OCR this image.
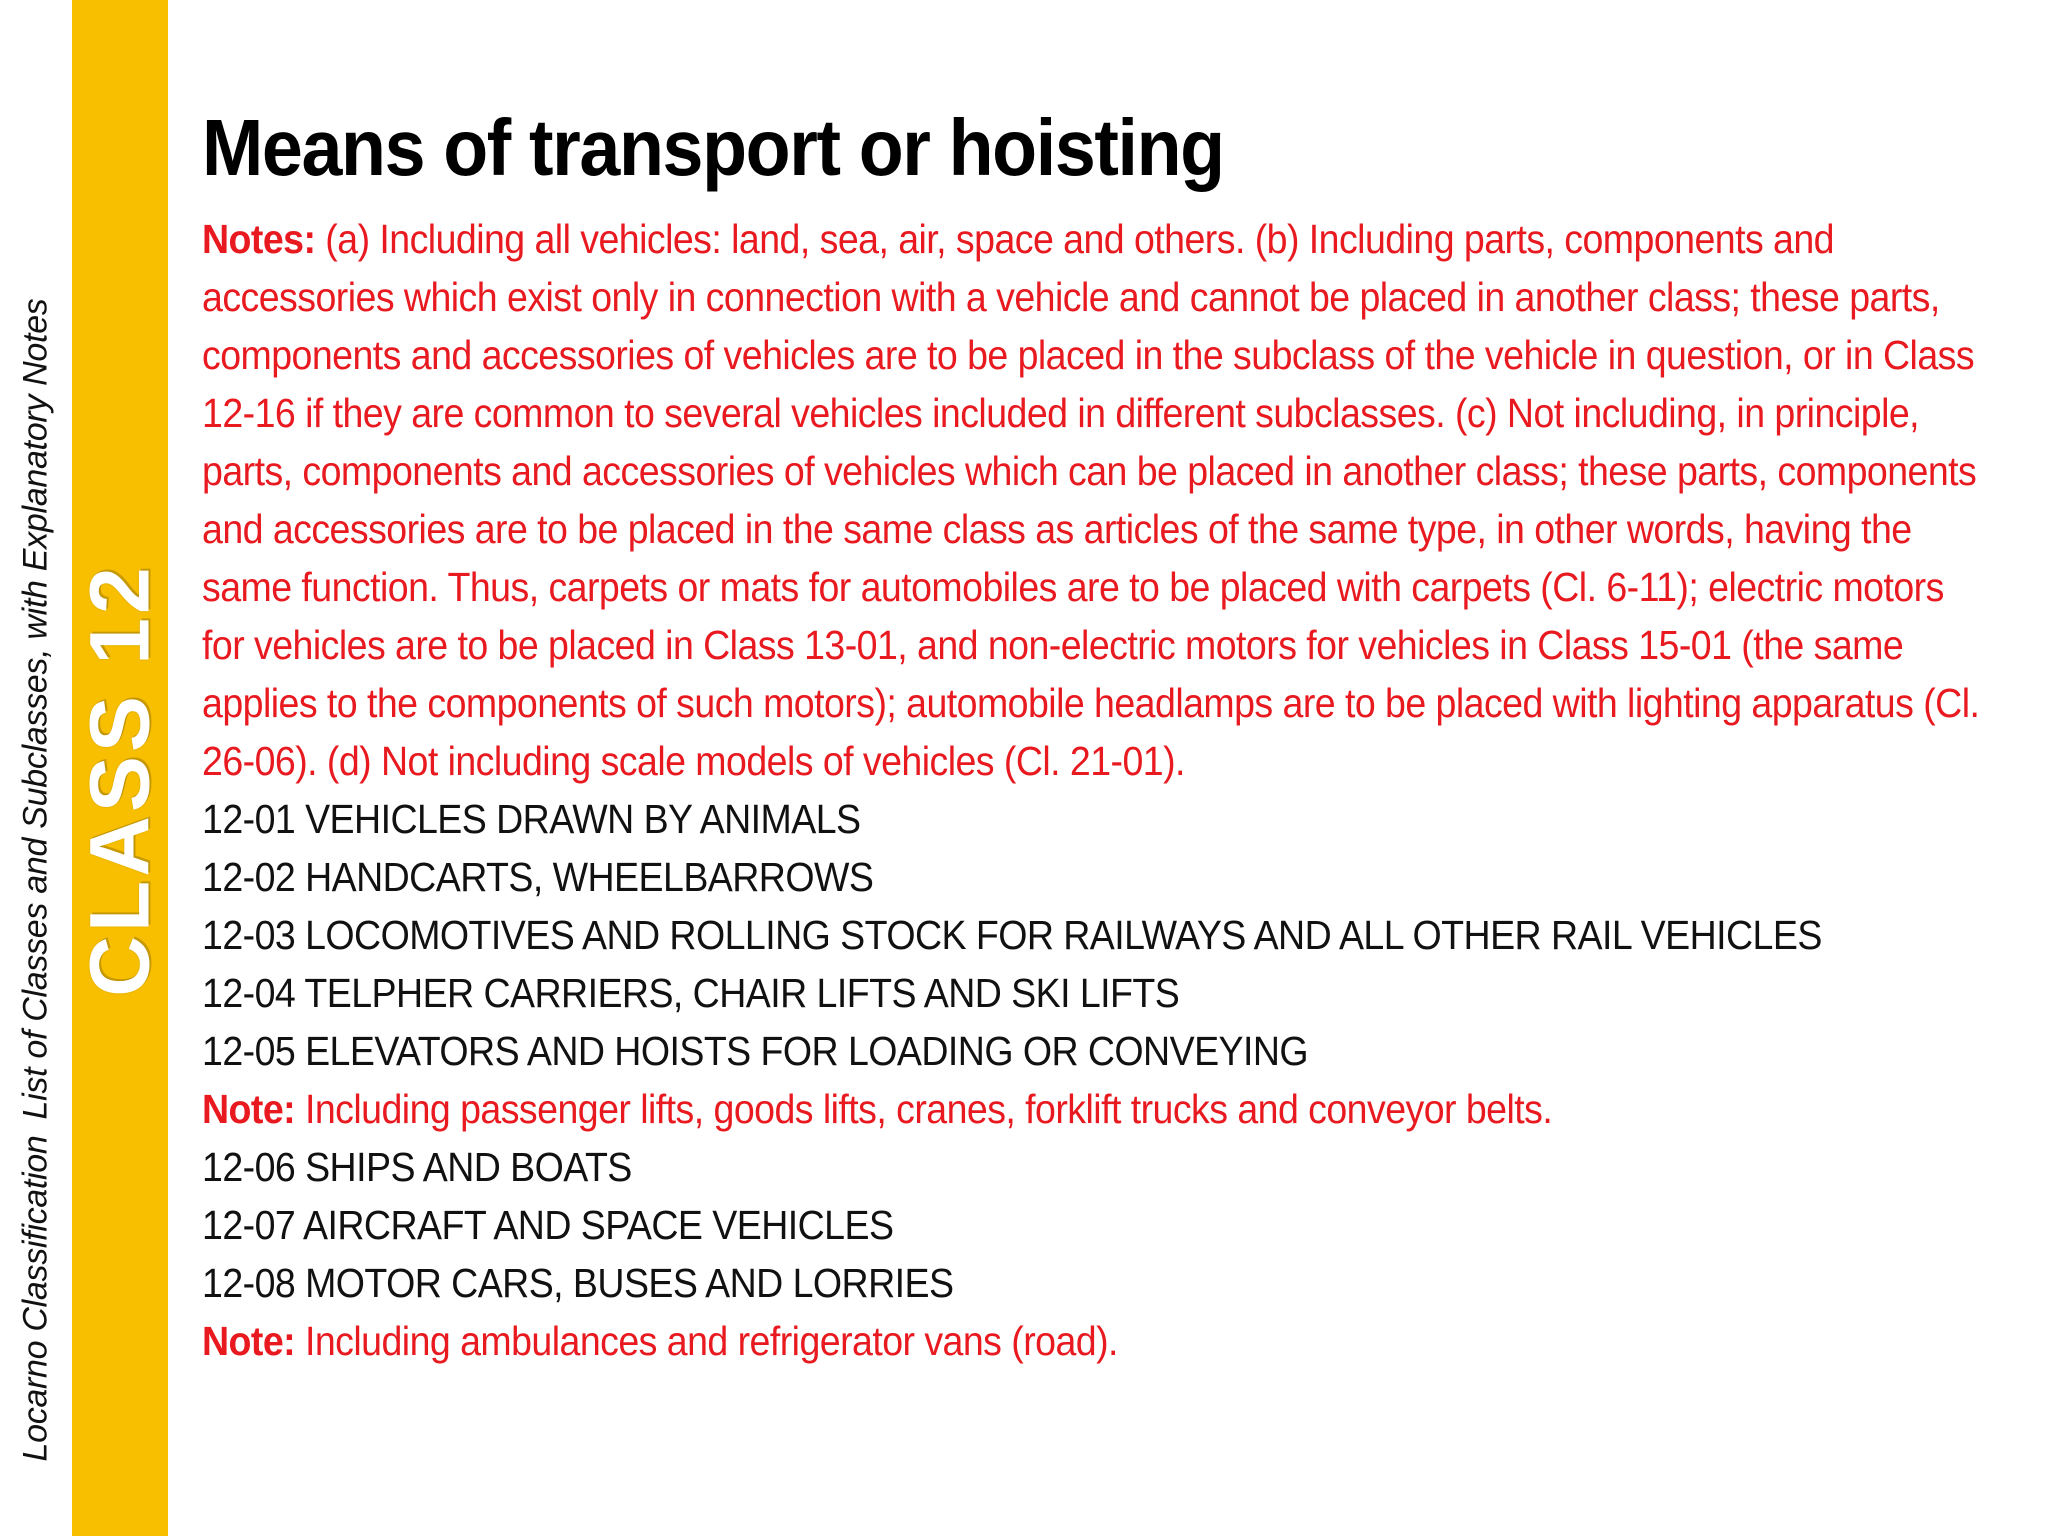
Locarno ClassificationList of Classes and Subclasses, with Explanatory Notes CLASS 12
Means of transport or hoisting
Notes: (a) Including all vehicles: land, sea, air, space and others. (b) Including parts, components and accessories which exist only in connection with a vehicle and cannot be placed in another class; these parts, components and accessories of vehicles are to be placed in the subclass of the vehicle in question, or in Class 12-16 if they are common to several vehicles included in different subclasses. (c) Not including, in principle, parts, components and accessories of vehicles which can be placed in another class; these parts, components and accessories are to be placed in the same class as articles of the same type, in other words, having the same function. Thus, carpets or mats for automobiles are to be placed with carpets (Cl. 6-11); electric motors for vehicles are to be placed in Class 13-01, and non-electric motors for vehicles in Class 15-01 (the same applies to the components of such motors); automobile headlamps are to be placed with lighting apparatus (Cl. 26-06). (d) Not including scale models of vehicles (Cl. 21-01).
12-01 VEHICLES DRAWN BY ANIMALS
12-02 HANDCARTS, WHEELBARROWS
12-03 LOCOMOTIVES AND ROLLING STOCK FOR RAILWAYS AND ALL OTHER RAIL VEHICLES
12-04 TELPHER CARRIERS, CHAIR LIFTS AND SKI LIFTS
12-05 ELEVATORS AND HOISTS FOR LOADING OR CONVEYING
Note: Including passenger lifts, goods lifts, cranes, forklift trucks and conveyor belts.
12-06 SHIPS AND BOATS
12-07 AIRCRAFT AND SPACE VEHICLES
12-08 MOTOR CARS, BUSES AND LORRIES
Note: Including ambulances and refrigerator vans (road).
